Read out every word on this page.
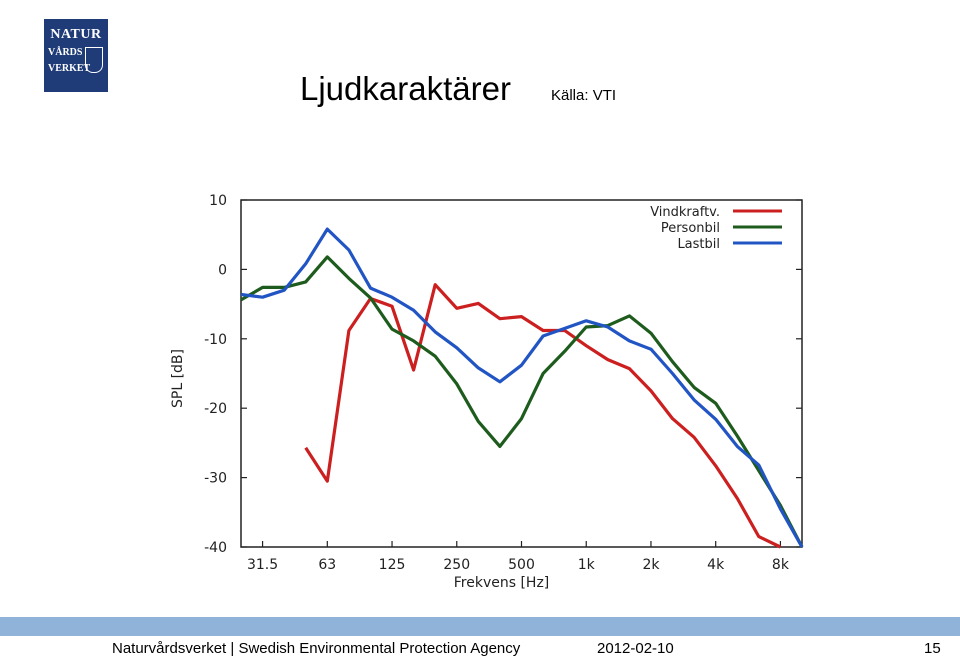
NATUR
VÅRDS
VERKET
Ljudkaraktärer	Källa: VTI
10
0
-10
-20
-30
-40
31.5	63	125	250	500	1k	2k	4k	8k
Frekvens [Hz]
SPL [dB]
Vindkraftv.
Personbil
Lastbil
Naturvårdsverket | Swedish Environmental Protection Agency	2012-02-10	15
